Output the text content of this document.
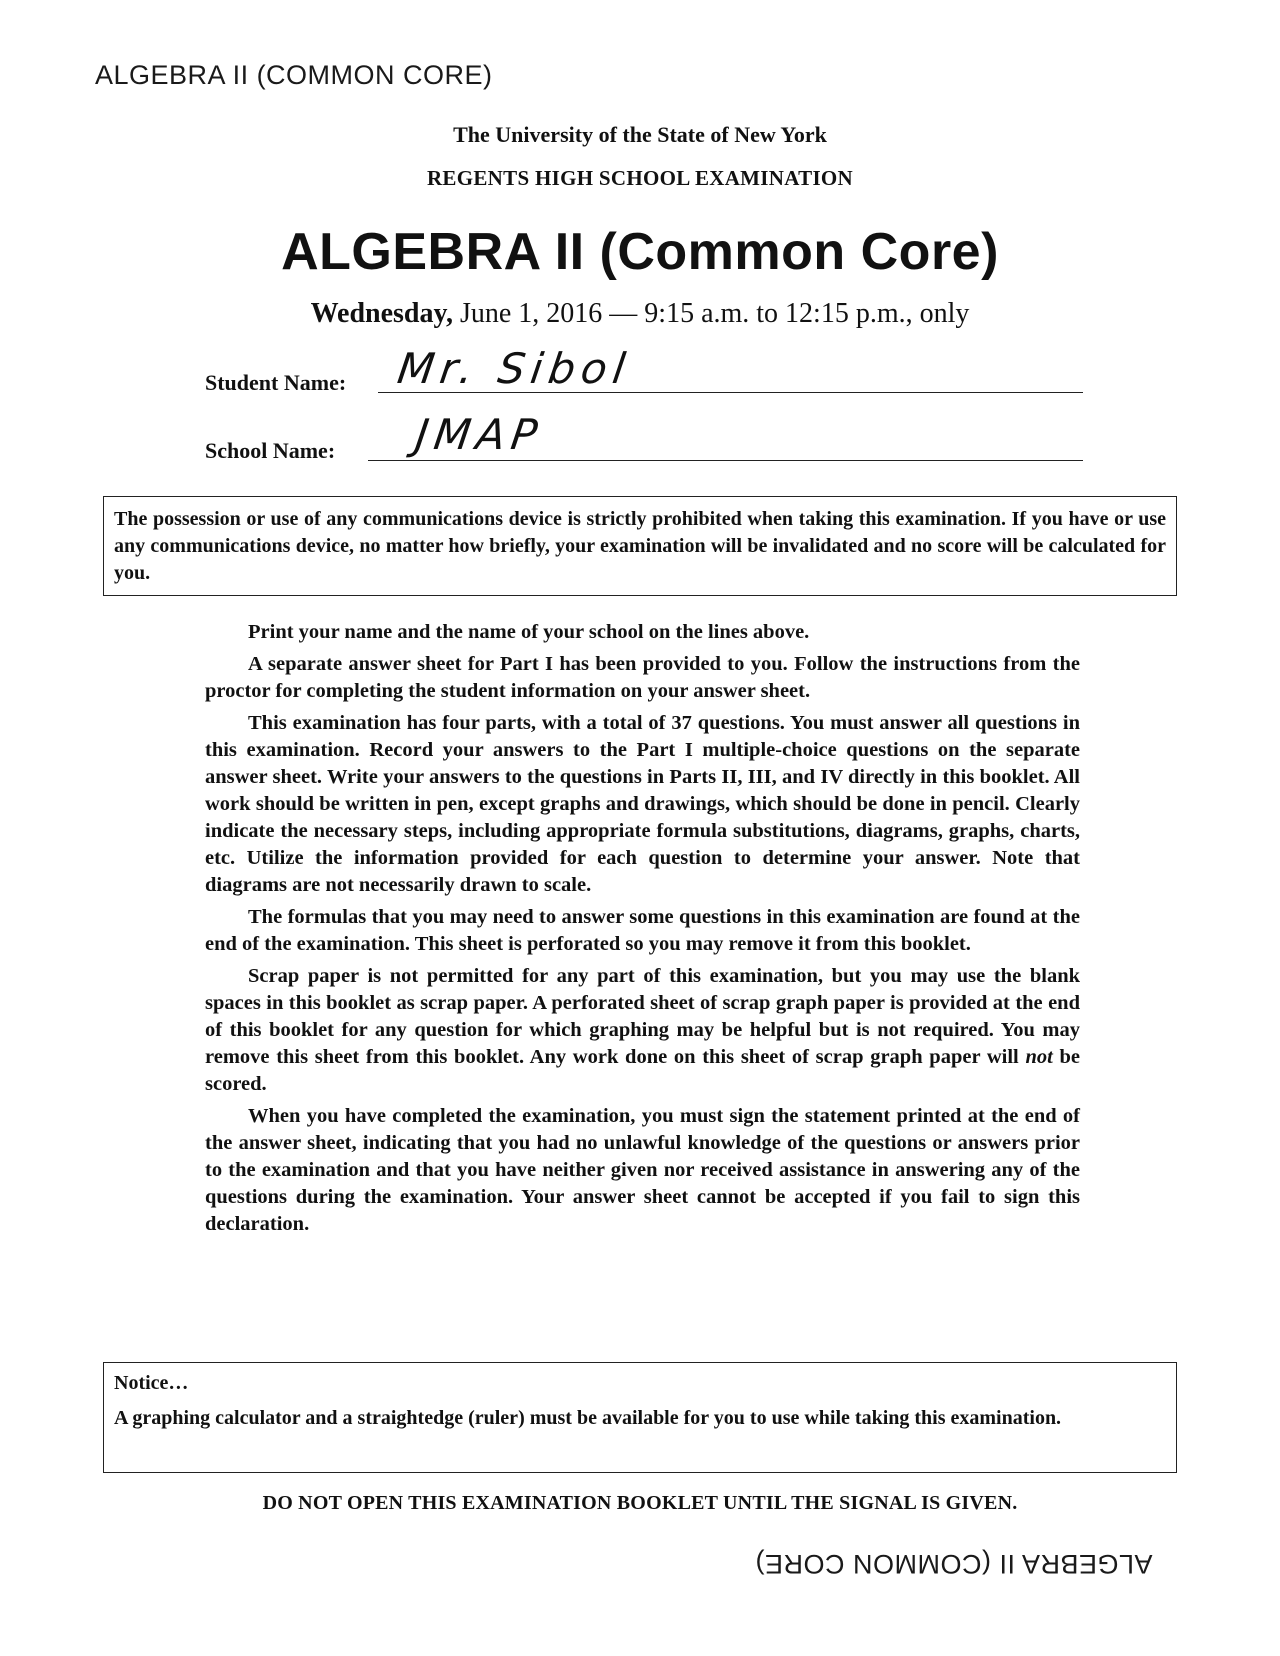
ALGEBRA II (COMMON CORE)
The University of the State of New York
REGENTS HIGH SCHOOL EXAMINATION
ALGEBRA II (Common Core)
Wednesday, June 1, 2016 — 9:15 a.m. to 12:15 p.m., only
Student Name: Mr. Sibol
School Name: JMAP
The possession or use of any communications device is strictly prohibited when taking this examination. If you have or use any communications device, no matter how briefly, your examination will be invalidated and no score will be calculated for you.

Print your name and the name of your school on the lines above.

A separate answer sheet for Part I has been provided to you. Follow the instructions from the proctor for completing the student information on your answer sheet.

This examination has four parts, with a total of 37 questions. You must answer all questions in this examination. Record your answers to the Part I multiple-choice questions on the separate answer sheet. Write your answers to the questions in Parts II, III, and IV directly in this booklet. All work should be written in pen, except graphs and drawings, which should be done in pencil. Clearly indicate the necessary steps, including appropriate formula substitutions, diagrams, graphs, charts, etc. Utilize the information provided for each question to determine your answer. Note that diagrams are not necessarily drawn to scale.

The formulas that you may need to answer some questions in this examination are found at the end of the examination. This sheet is perforated so you may remove it from this booklet.

Scrap paper is not permitted for any part of this examination, but you may use the blank spaces in this booklet as scrap paper. A perforated sheet of scrap graph paper is provided at the end of this booklet for any question for which graphing may be helpful but is not required. You may remove this sheet from this booklet. Any work done on this sheet of scrap graph paper will not be scored.

When you have completed the examination, you must sign the statement printed at the end of the answer sheet, indicating that you had no unlawful knowledge of the questions or answers prior to the examination and that you have neither given nor received assistance in answering any of the questions during the examination. Your answer sheet cannot be accepted if you fail to sign this declaration.

Notice…
A graphing calculator and a straightedge (ruler) must be available for you to use while taking this examination.
DO NOT OPEN THIS EXAMINATION BOOKLET UNTIL THE SIGNAL IS GIVEN.
ALGEBRA II (COMMON CORE)
